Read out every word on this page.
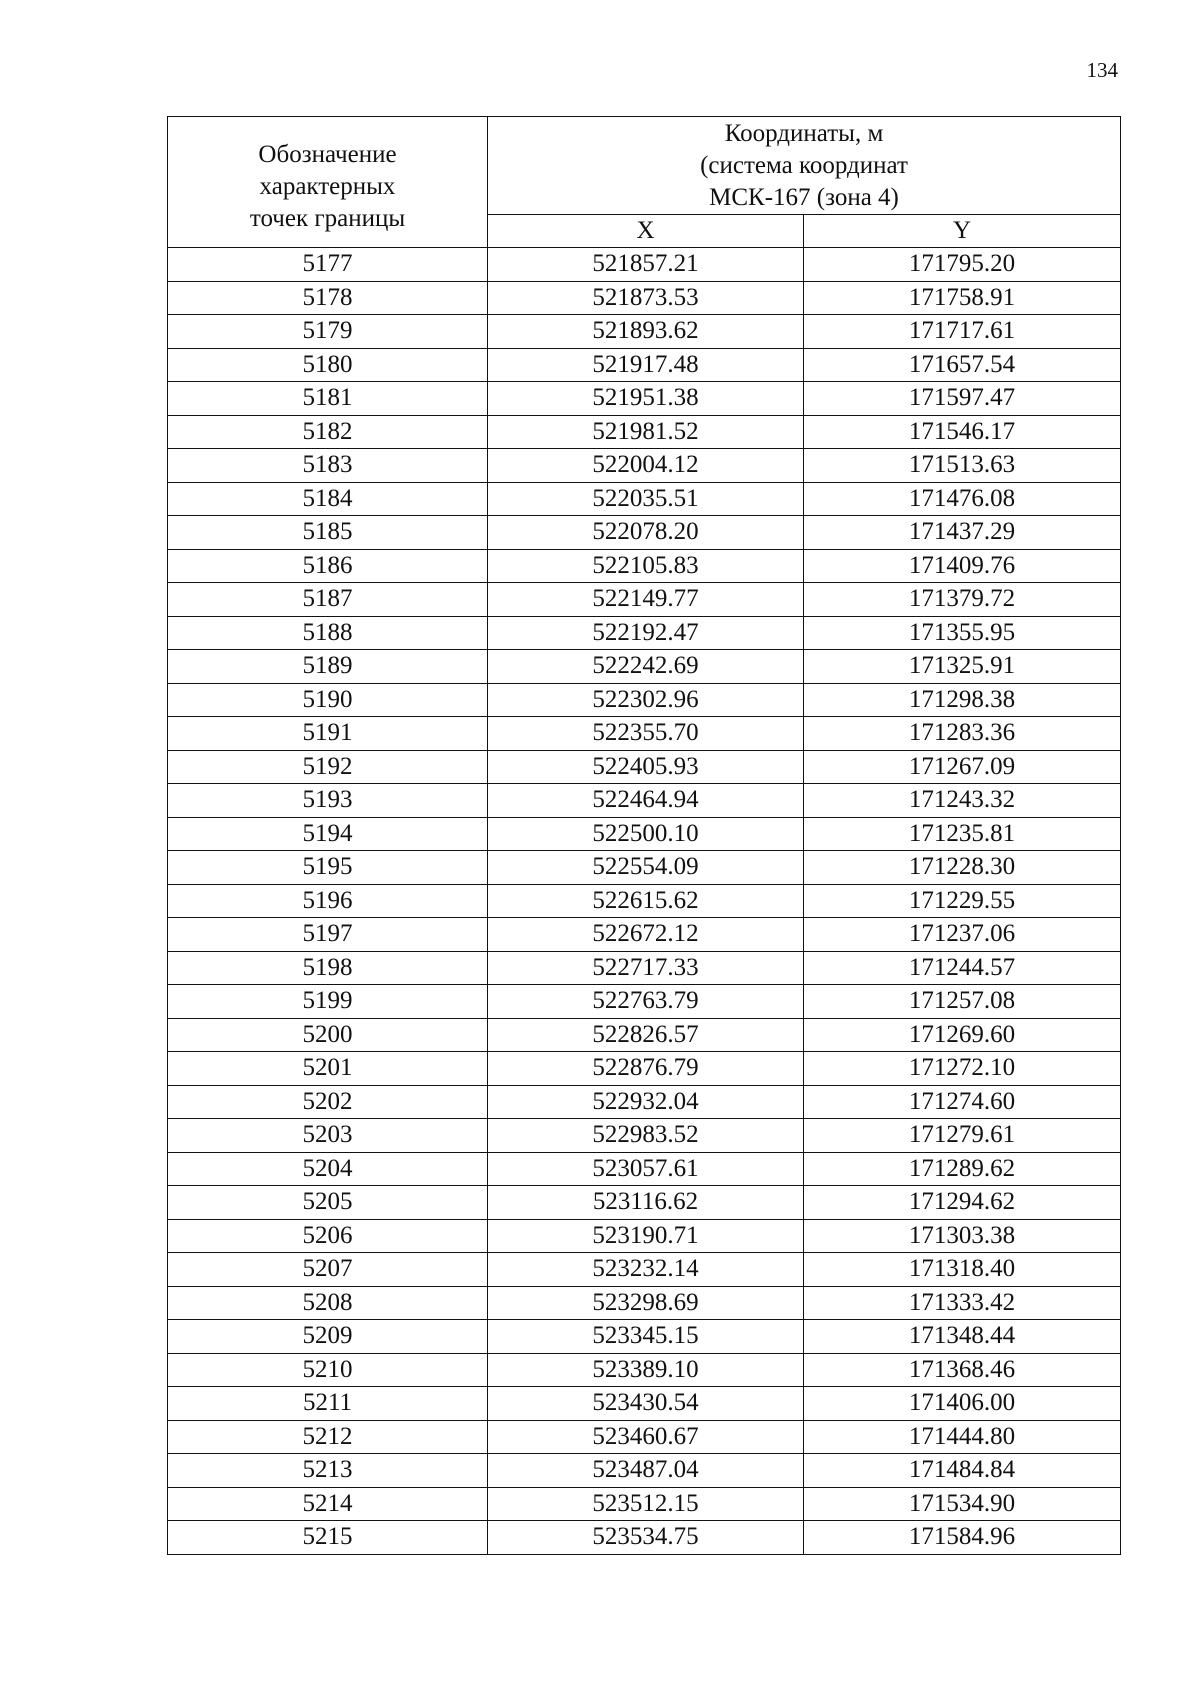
134
Обозначение
характерных
точек границы	Координаты, м
(система координат
МСК-167 (зона 4)	

	X	Y
5177	521857.21	171795.20
5178	521873.53	171758.91
5179	521893.62	171717.61
5180	521917.48	171657.54
5181	521951.38	171597.47
5182	521981.52	171546.17
5183	522004.12	171513.63
5184	522035.51	171476.08
5185	522078.20	171437.29
5186	522105.83	171409.76
5187	522149.77	171379.72
5188	522192.47	171355.95
5189	522242.69	171325.91
5190	522302.96	171298.38
5191	522355.70	171283.36
5192	522405.93	171267.09
5193	522464.94	171243.32
5194	522500.10	171235.81
5195	522554.09	171228.30
5196	522615.62	171229.55
5197	522672.12	171237.06
5198	522717.33	171244.57
5199	522763.79	171257.08
5200	522826.57	171269.60
5201	522876.79	171272.10
5202	522932.04	171274.60
5203	522983.52	171279.61
5204	523057.61	171289.62
5205	523116.62	171294.62
5206	523190.71	171303.38
5207	523232.14	171318.40
5208	523298.69	171333.42
5209	523345.15	171348.44
5210	523389.10	171368.46
5211	523430.54	171406.00
5212	523460.67	171444.80
5213	523487.04	171484.84
5214	523512.15	171534.90
5215	523534.75	171584.96
